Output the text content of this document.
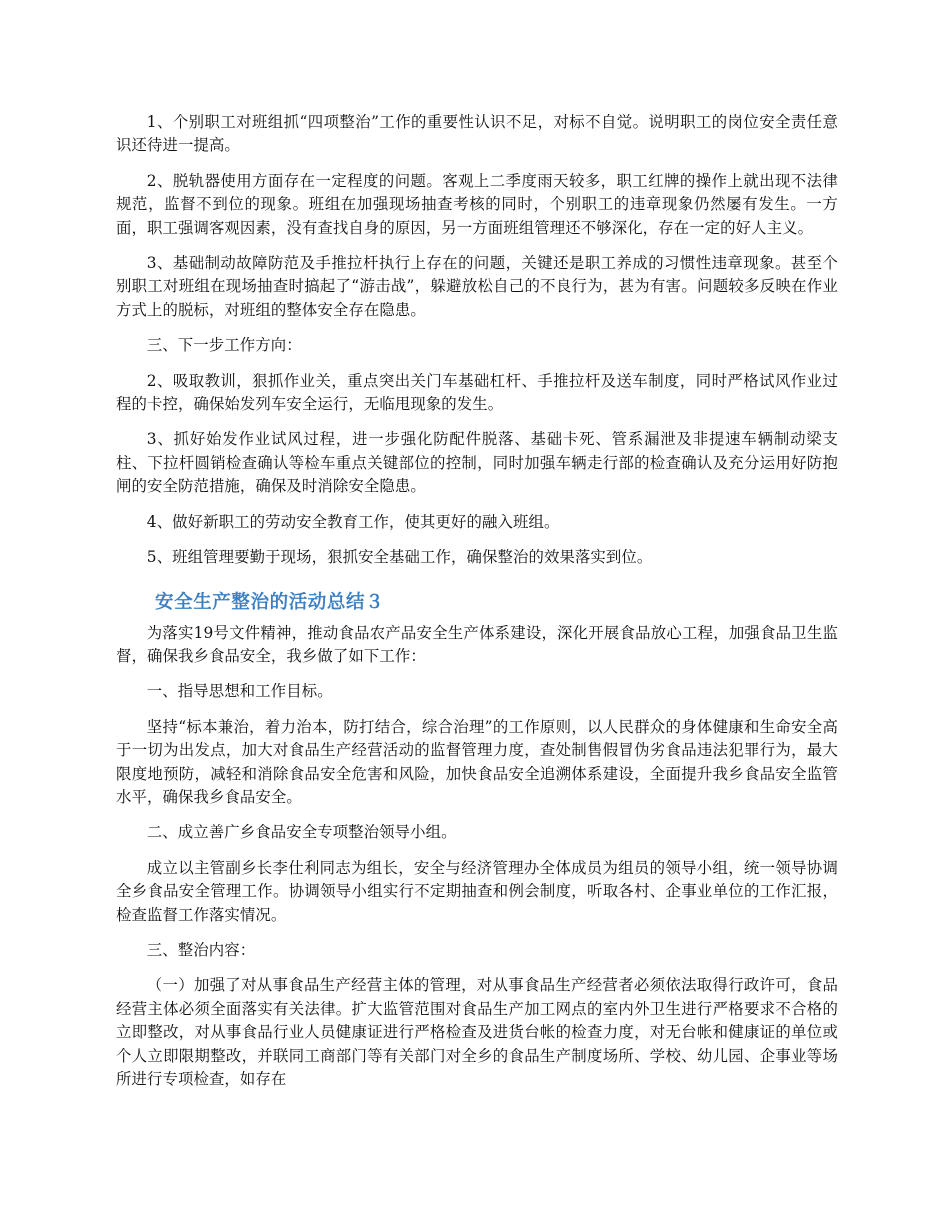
1、个别职工对班组抓“四项整治”工作的重要性认识不足，对标不自觉。说明职工的岗位安全责任意识还待进一提高。

2、脱轨器使用方面存在一定程度的问题。客观上二季度雨天较多，职工红牌的操作上就出现不法律规范，监督不到位的现象。班组在加强现场抽查考核的同时，个别职工的违章现象仍然屡有发生。一方面，职工强调客观因素，没有查找自身的原因，另一方面班组管理还不够深化，存在一定的好人主义。

3、基础制动故障防范及手推拉杆执行上存在的问题，关键还是职工养成的习惯性违章现象。甚至个别职工对班组在现场抽查时搞起了“游击战”，躲避放松自己的不良行为，甚为有害。问题较多反映在作业方式上的脱标，对班组的整体安全存在隐患。

三、下一步工作方向：

2、吸取教训，狠抓作业关，重点突出关门车基础杠杆、手推拉杆及送车制度，同时严格试风作业过程的卡控，确保始发列车安全运行，无临甩现象的发生。

3、抓好始发作业试风过程，进一步强化防配件脱落、基础卡死、管系漏泄及非提速车辆制动梁支柱、下拉杆圆销检查确认等检车重点关键部位的控制，同时加强车辆走行部的检查确认及充分运用好防抱闸的安全防范措施，确保及时消除安全隐患。

4、做好新职工的劳动安全教育工作，使其更好的融入班组。

5、班组管理要勤于现场，狠抓安全基础工作，确保整治的效果落实到位。

安全生产整治的活动总结３

为落实19号文件精神，推动食品农产品安全生产体系建设，深化开展食品放心工程，加强食品卫生监督，确保我乡食品安全，我乡做了如下工作：

一、指导思想和工作目标。

坚持“标本兼治，着力治本，防打结合，综合治理”的工作原则，以人民群众的身体健康和生命安全高于一切为出发点，加大对食品生产经营活动的监督管理力度，查处制售假冒伪劣食品违法犯罪行为，最大限度地预防，减轻和消除食品安全危害和风险，加快食品安全追溯体系建设，全面提升我乡食品安全监管水平，确保我乡食品安全。

二、成立善广乡食品安全专项整治领导小组。

成立以主管副乡长李仕利同志为组长，安全与经济管理办全体成员为组员的领导小组，统一领导协调全乡食品安全管理工作。协调领导小组实行不定期抽查和例会制度，听取各村、企事业单位的工作汇报，检查监督工作落实情况。

三、整治内容：

（一）加强了对从事食品生产经营主体的管理，对从事食品生产经营者必须依法取得行政许可，食品经营主体必须全面落实有关法律。扩大监管范围对食品生产加工网点的室内外卫生进行严格要求不合格的立即整改，对从事食品行业人员健康证进行严格检查及进货台帐的检查力度，对无台帐和健康证的单位或个人立即限期整改，并联同工商部门等有关部门对全乡的食品生产制度场所、学校、幼儿园、企事业等场所进行专项检查，如存在
